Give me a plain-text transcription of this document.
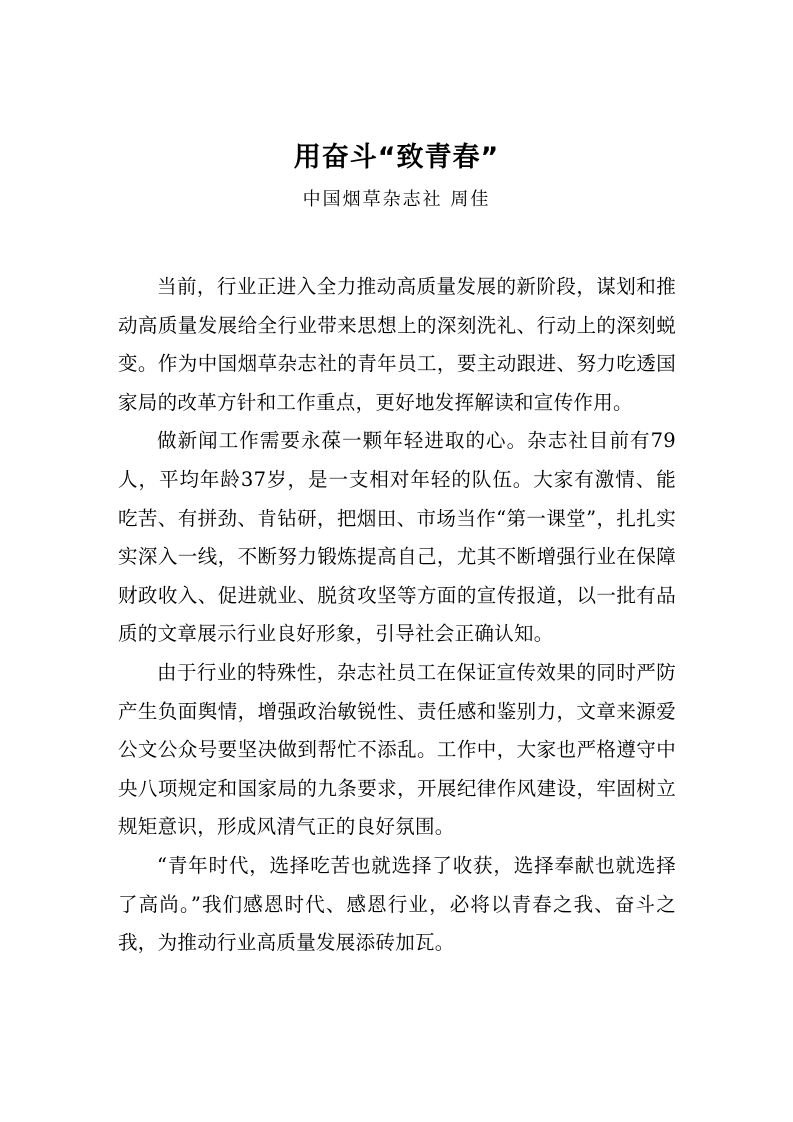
用奋斗“致青春”
中国烟草杂志社 周佳

当前，行业正进入全力推动高质量发展的新阶段，谋划和推动高质量发展给全行业带来思想上的深刻洗礼、行动上的深刻蜕变。作为中国烟草杂志社的青年员工，要主动跟进、努力吃透国家局的改革方针和工作重点，更好地发挥解读和宣传作用。

做新闻工作需要永葆一颗年轻进取的心。杂志社目前有79人，平均年龄37岁，是一支相对年轻的队伍。大家有激情、能吃苦、有拼劲、肯钻研，把烟田、市场当作“第一课堂”，扎扎实实深入一线，不断努力锻炼提高自己，尤其不断增强行业在保障财政收入、促进就业、脱贫攻坚等方面的宣传报道，以一批有品质的文章展示行业良好形象，引导社会正确认知。

由于行业的特殊性，杂志社员工在保证宣传效果的同时严防产生负面舆情，增强政治敏锐性、责任感和鉴别力，文章来源爱公文公众号要坚决做到帮忙不添乱。工作中，大家也严格遵守中央八项规定和国家局的九条要求，开展纪律作风建设，牢固树立规矩意识，形成风清气正的良好氛围。

“青年时代，选择吃苦也就选择了收获，选择奉献也就选择了高尚。”我们感恩时代、感恩行业，必将以青春之我、奋斗之我，为推动行业高质量发展添砖加瓦。
